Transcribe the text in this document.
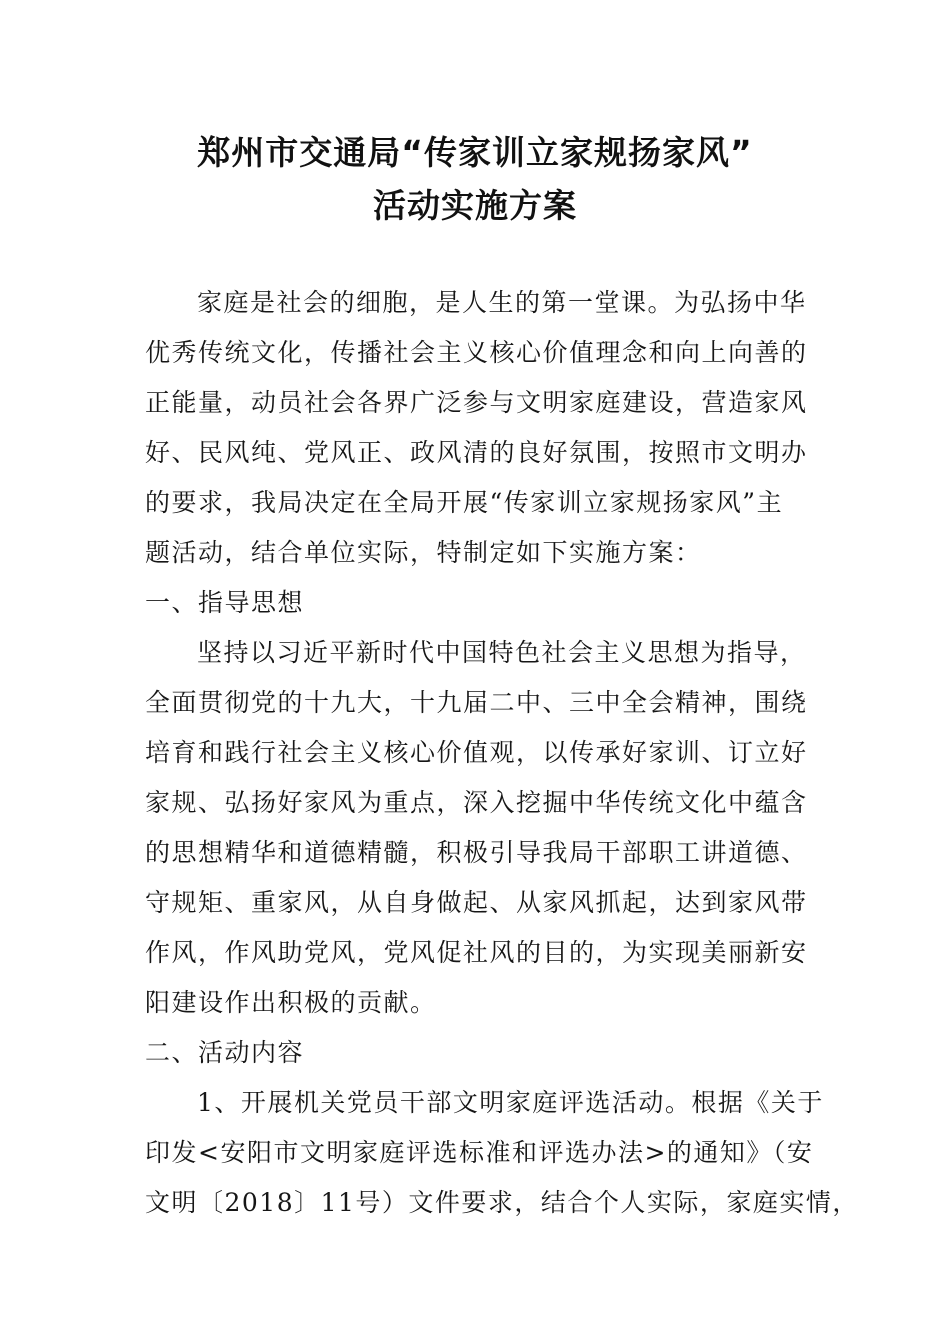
郑州市交通局“传家训立家规扬家风”
活动实施方案
家庭是社会的细胞，是人生的第一堂课。为弘扬中华
优秀传统文化，传播社会主义核心价值理念和向上向善的
正能量，动员社会各界广泛参与文明家庭建设，营造家风
好、民风纯、党风正、政风清的良好氛围，按照市文明办
的要求，我局决定在全局开展“传家训立家规扬家风”主
题活动，结合单位实际，特制定如下实施方案：
一、指导思想
坚持以习近平新时代中国特色社会主义思想为指导，
全面贯彻党的十九大，十九届二中、三中全会精神，围绕
培育和践行社会主义核心价值观，以传承好家训、订立好
家规、弘扬好家风为重点，深入挖掘中华传统文化中蕴含
的思想精华和道德精髓，积极引导我局干部职工讲道德、
守规矩、重家风，从自身做起、从家风抓起，达到家风带
作风，作风助党风，党风促社风的目的，为实现美丽新安
阳建设作出积极的贡献。
二、活动内容
1、开展机关党员干部文明家庭评选活动。根据《关于
印发<安阳市文明家庭评选标准和评选办法>的通知》（安
文明〔2018〕11号）文件要求，结合个人实际，家庭实情，
